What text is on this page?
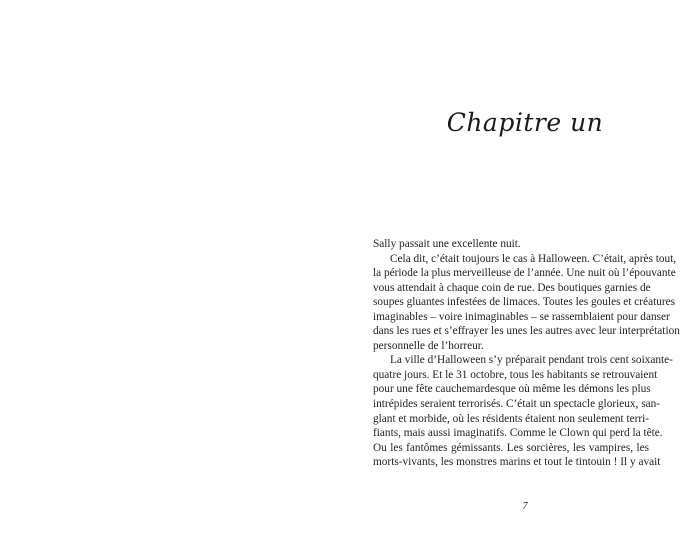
Chapitre un
Sally passait une excellente nuit.
Cela dit, c’était toujours le cas à Halloween. C’était, après tout,
la période la plus merveilleuse de l’année. Une nuit où l’épouvante
vous attendait à chaque coin de rue. Des boutiques garnies de
soupes gluantes infestées de limaces. Toutes les goules et créatures
imaginables – voire inimaginables – se rassemblaient pour danser
dans les rues et s’effrayer les unes les autres avec leur interprétation
personnelle de l’horreur.
La ville d’Halloween s’y préparait pendant trois cent soixante-
quatre jours. Et le 31 octobre, tous les habitants se retrouvaient
pour une fête cauchemardesque où même les démons les plus
intrépides seraient terrorisés. C’était un spectacle glorieux, san-
glant et morbide, où les résidents étaient non seulement terri-
fiants, mais aussi imaginatifs. Comme le Clown qui perd la tête.
Ou les fantômes gémissants. Les sorcières, les vampires, les
morts-vivants, les monstres marins et tout le tintouin ! Il y avait
7
